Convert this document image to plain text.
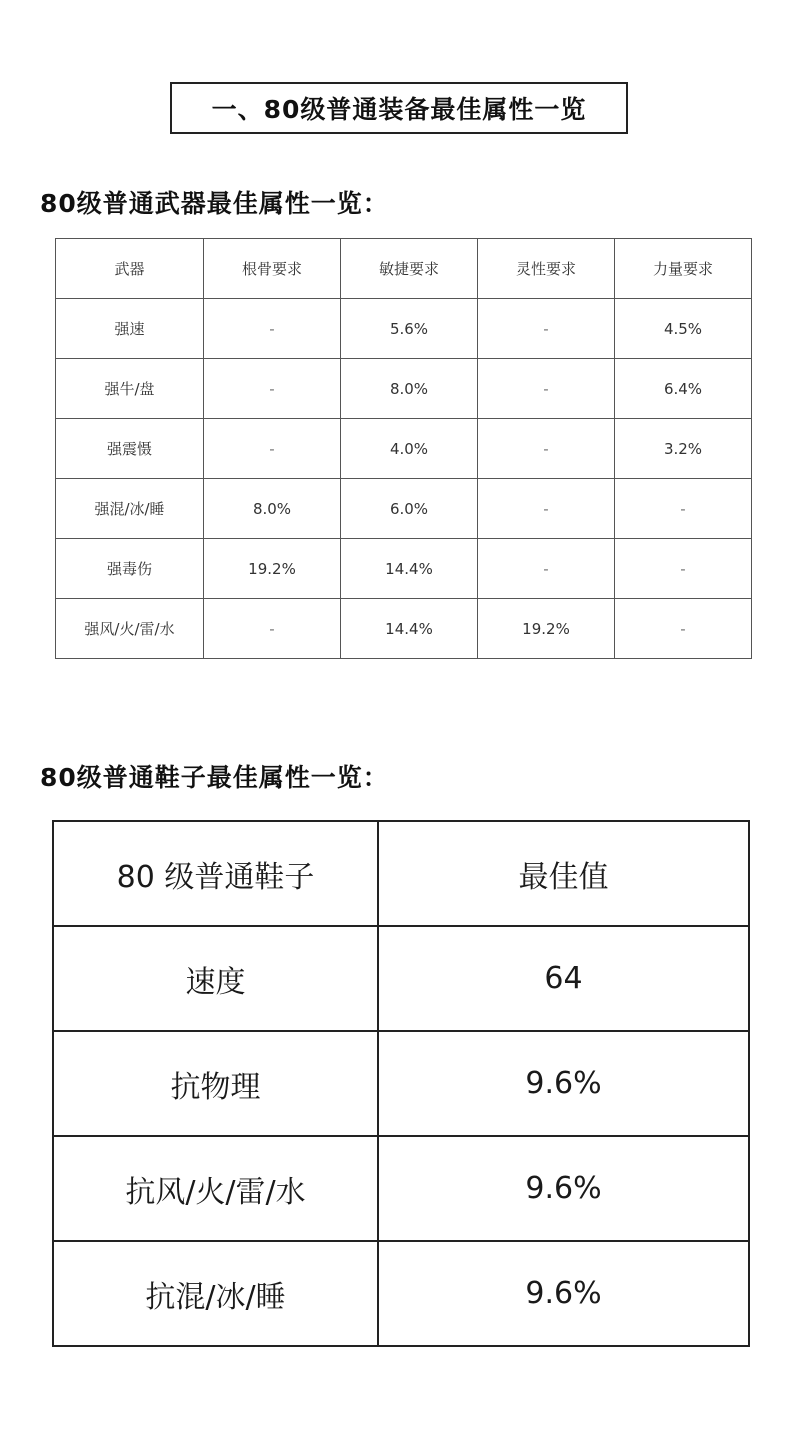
一、80级普通装备最佳属性一览
80级普通武器最佳属性一览：
武器	根骨要求	敏捷要求	灵性要求	力量要求
强速	-	5.6%	-	4.5%
强牛/盘	-	8.0%	-	6.4%
强震慑	-	4.0%	-	3.2%
强混/冰/睡	8.0%	6.0%	-	-
强毒伤	19.2%	14.4%	-	-
强风/火/雷/水	-	14.4%	19.2%	-
80级普通鞋子最佳属性一览：
80 级普通鞋子	最佳值
速度	64
抗物理	9.6%
抗风/火/雷/水	9.6%
抗混/冰/睡	9.6%
